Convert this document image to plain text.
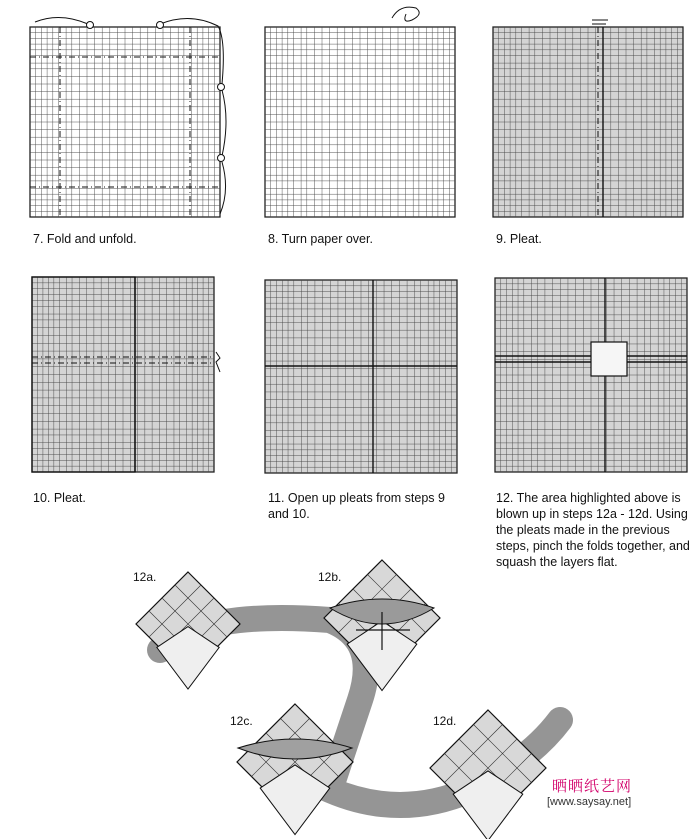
7. Fold and unfold.	8. Turn paper over.	9. Pleat.
10. Pleat.	11. Open up pleats from steps 9 and 10.
12. The area highlighted above is blown up in steps 12a - 12d. Using the pleats made in the previous steps, pinch the folds together, and squash the layers flat.
12a.	12b.
12c.	12d.
晒晒纸艺网
[www.saysay.net]
